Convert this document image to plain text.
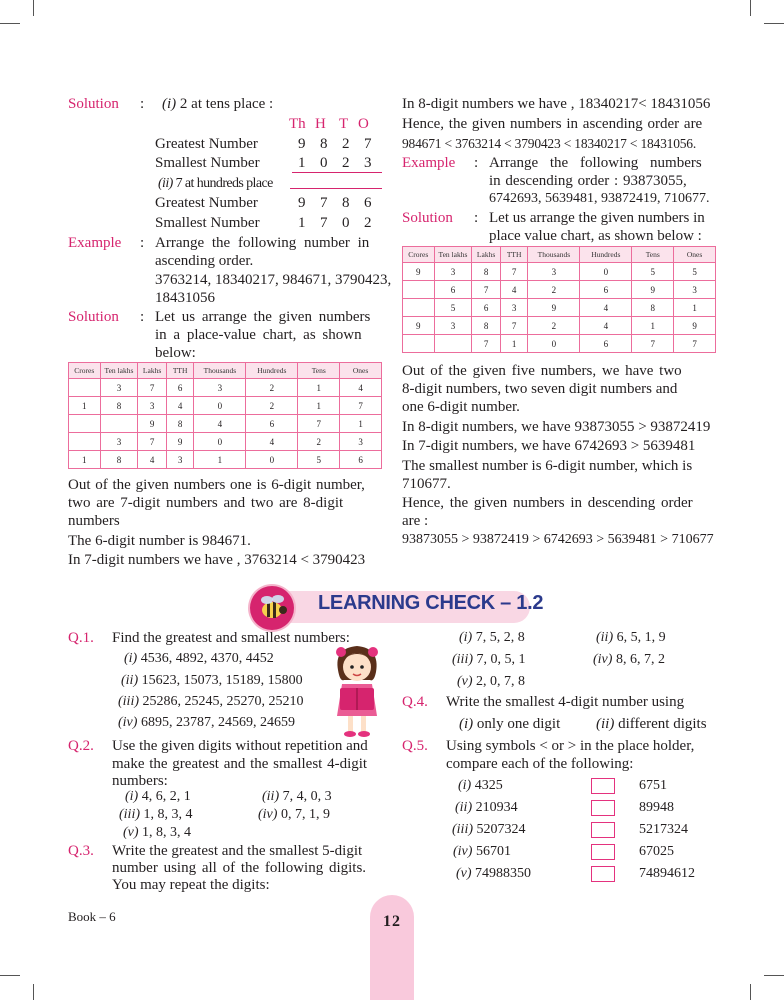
Solution : (i) 2 at tens place :
Th H T O
Greatest Number	9 8 2 7
Smallest Number	1 0 2 3
(ii) 7 at hundreds place
Greatest Number	9 7 8 6
Smallest Number	1 7 0 2
Example : Arrange the following number in
ascending order.
3763214, 18340217, 984671, 3790423,
18431056
Solution : Let us arrange the given numbers
in a place-value chart, as shown
below:
Crores	Ten lakhs	Lakhs	TTH	Thousands	Hundreds	Tens	Ones
	3	7	6	3	2	1	4
1	8	3	4	0	2	1	7
		9	8	4	6	7	1
	3	7	9	0	4	2	3
1	8	4	3	1	0	5	6
Out of the given numbers one is 6-digit number,
two are 7-digit numbers and two are 8-digit
numbers
The 6-digit number is 984671.
In 7-digit numbers we have , 3763214 < 3790423
In 8-digit numbers we have , 18340217< 18431056
Hence, the given numbers in ascending order are
984671 < 3763214 < 3790423 < 18340217 < 18431056.
Example : Arrange the following numbers
in descending order : 93873055,
6742693, 5639481, 93872419, 710677.
Solution : Let us arrange the given numbers in
place value chart, as shown below :
Crores	Ten lakhs	Lakhs	TTH	Thousands	Hundreds	Tens	Ones
9	3	8	7	3	0	5	5
	6	7	4	2	6	9	3
	5	6	3	9	4	8	1
9	3	8	7	2	4	1	9
		7	1	0	6	7	7
Out of the given five numbers, we have two
8-digit numbers, two seven digit numbers and
one 6-digit number.
In 8-digit numbers, we have 93873055 > 93872419
In 7-digit numbers, we have 6742693 > 5639481
The smallest number is 6-digit number, which is
710677.
Hence, the given numbers in descending order
are :
93873055 > 93872419 > 6742693 > 5639481 > 710677
LEARNING CHECK – 1.2
Q.1. Find the greatest and smallest numbers:
(i) 4536, 4892, 4370, 4452
(ii) 15623, 15073, 15189, 15800
(iii) 25286, 25245, 25270, 25210
(iv) 6895, 23787, 24569, 24659
Q.2. Use the given digits without repetition and
make the greatest and the smallest 4-digit
numbers:
(i) 4, 6, 2, 1	(ii) 7, 4, 0, 3
(iii) 1, 8, 3, 4	(iv) 0, 7, 1, 9
(v) 1, 8, 3, 4
Q.3. Write the greatest and the smallest 5-digit
number using all of the following digits.
You may repeat the digits:
(i) 7, 5, 2, 8	(ii) 6, 5, 1, 9
(iii) 7, 0, 5, 1	(iv) 8, 6, 7, 2
(v) 2, 0, 7, 8
Q.4. Write the smallest 4-digit number using
(i) only one digit (ii) different digits
Q.5. Using symbols < or > in the place holder,
compare each of the following:
(i) 4325	6751
(ii) 210934	89948
(iii) 5207324	5217324
(iv) 56701	67025
(v) 74988350	74894612
Book – 6	12
